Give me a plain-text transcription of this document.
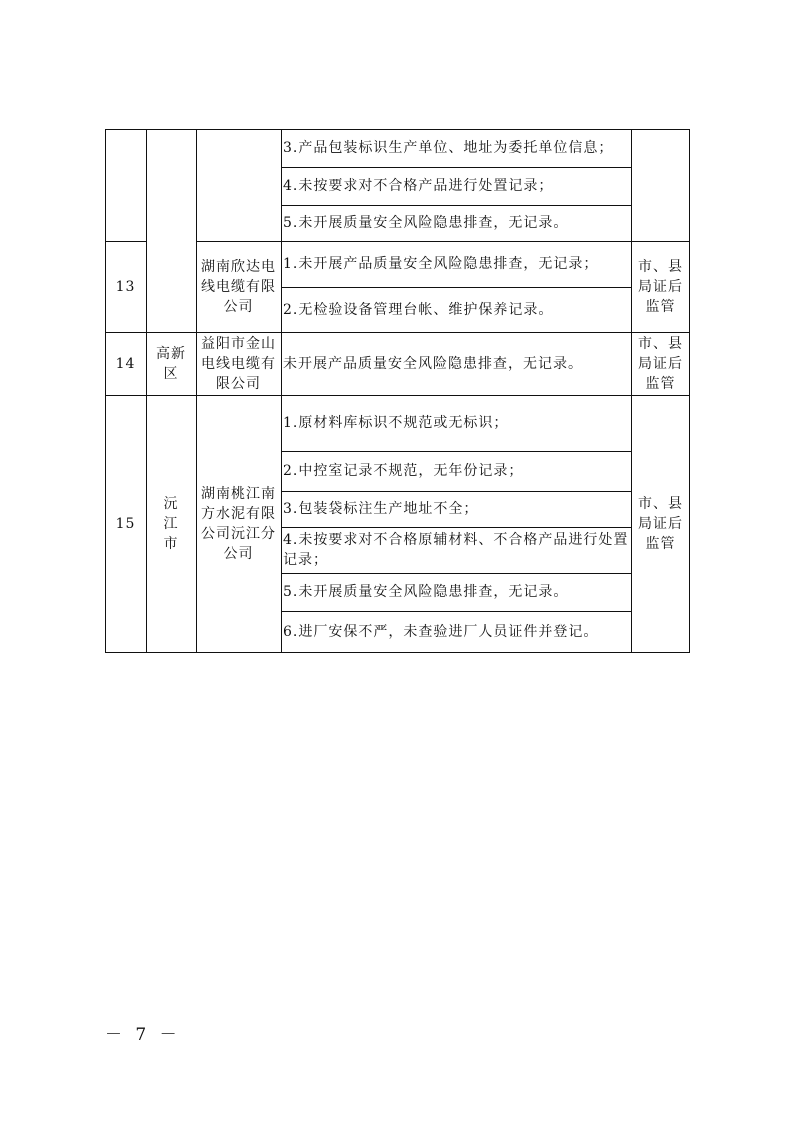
3.产品包装标识生产单位、地址为委托单位信息；
4.未按要求对不合格产品进行处置记录；
5.未开展质量安全风险隐患排查，无记录。
13
湖南欣达电线电缆有限公司
1.未开展产品质量安全风险隐患排查，无记录；
2.无检验设备管理台帐、维护保养记录。
市、县局证后监管
14
高新区
益阳市金山电线电缆有限公司
未开展产品质量安全风险隐患排查，无记录。
市、县局证后监管
15
沅江市
湖南桃江南方水泥有限公司沅江分公司
1.原材料库标识不规范或无标识；
2.中控室记录不规范，无年份记录；
3.包装袋标注生产地址不全；
4.未按要求对不合格原辅材料、不合格产品进行处置记录；
5.未开展质量安全风险隐患排查，无记录。
6.进厂安保不严，未查验进厂人员证件并登记。
市、县局证后监管
－ 7 －
